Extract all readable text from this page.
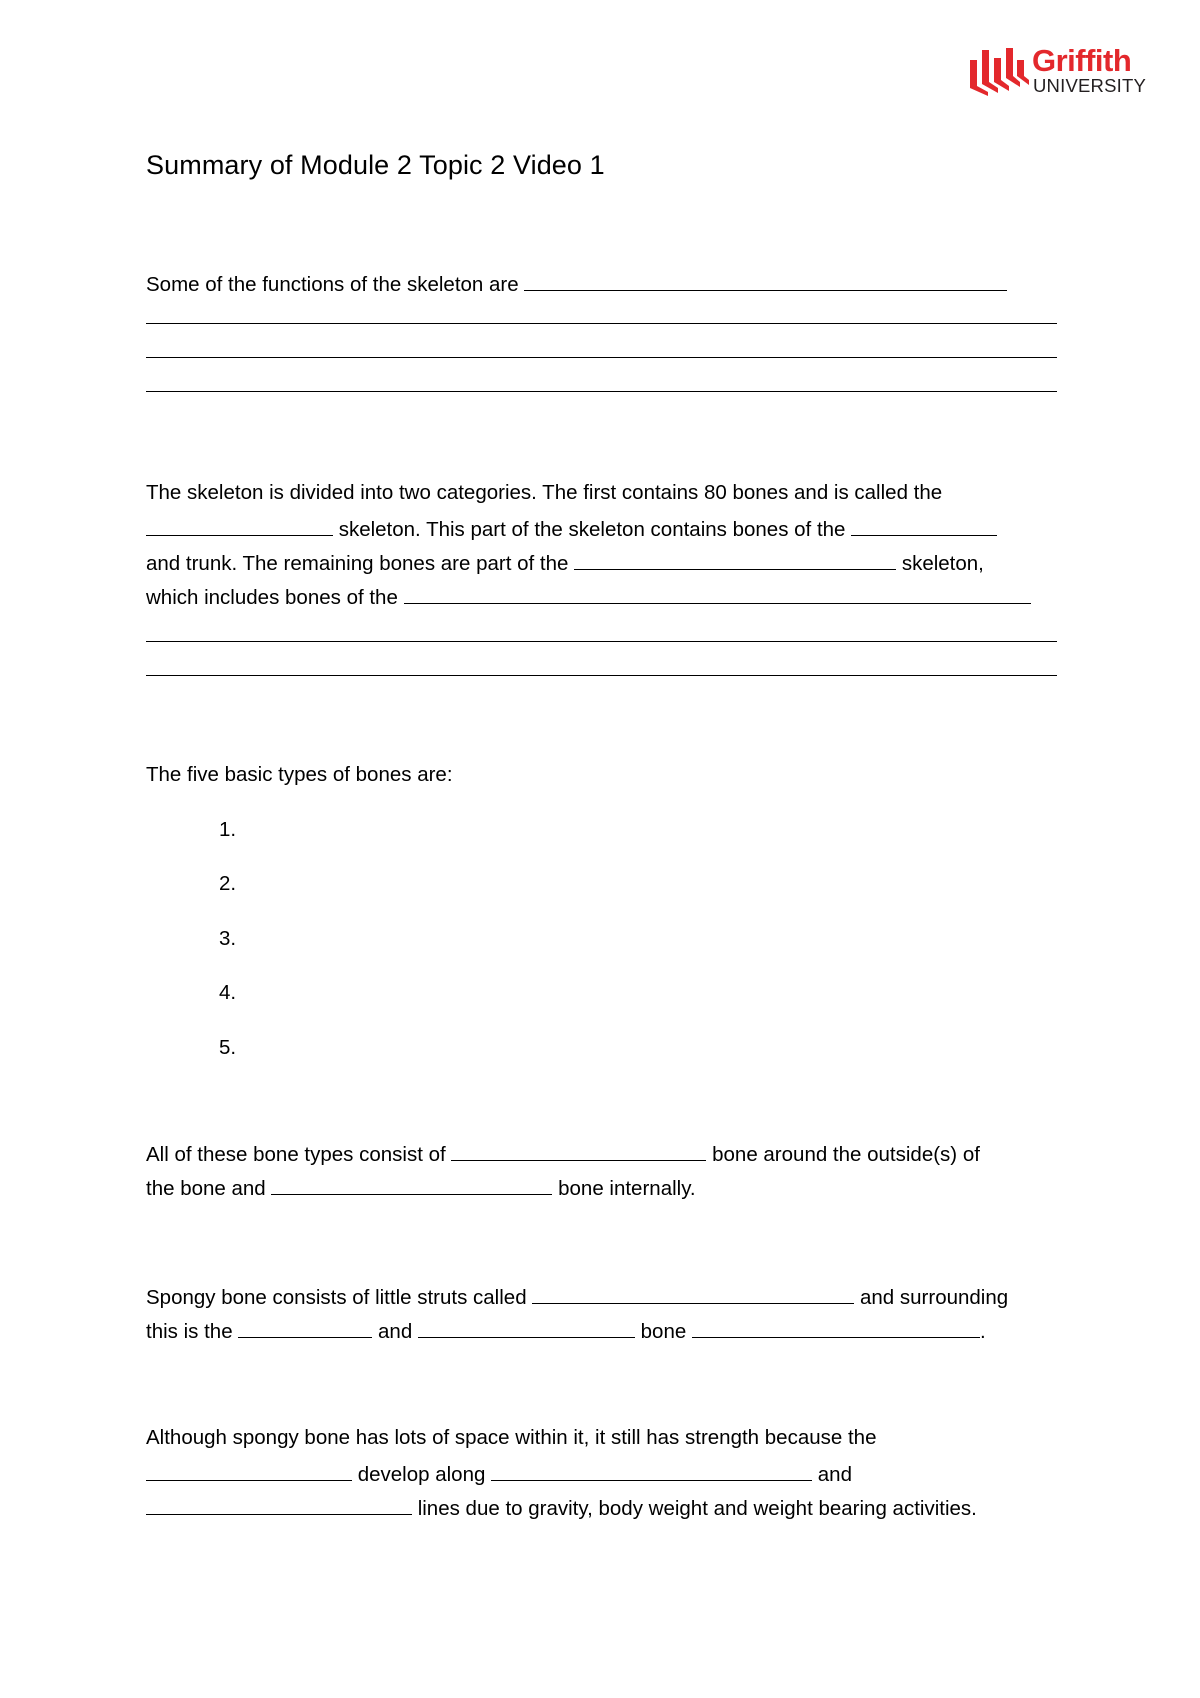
Griffith
UNIVERSITY
Summary of Module 2 Topic 2 Video 1
Some of the functions of the skeleton are
The skeleton is divided into two categories. The first contains 80 bones and is called the
skeleton. This part of the skeleton contains bones of the
and trunk. The remaining bones are part of the	skeleton,
which includes bones of the
The five basic types of bones are:
1.
2.
3.
4.
5.
All of these bone types consist of	bone around the outside(s) of
the bone and	bone internally.
Spongy bone consists of little struts called	and surrounding
this is the	and	bone	.
Although spongy bone has lots of space within it, it still has strength because the
develop along	and
lines due to gravity, body weight and weight bearing activities.
